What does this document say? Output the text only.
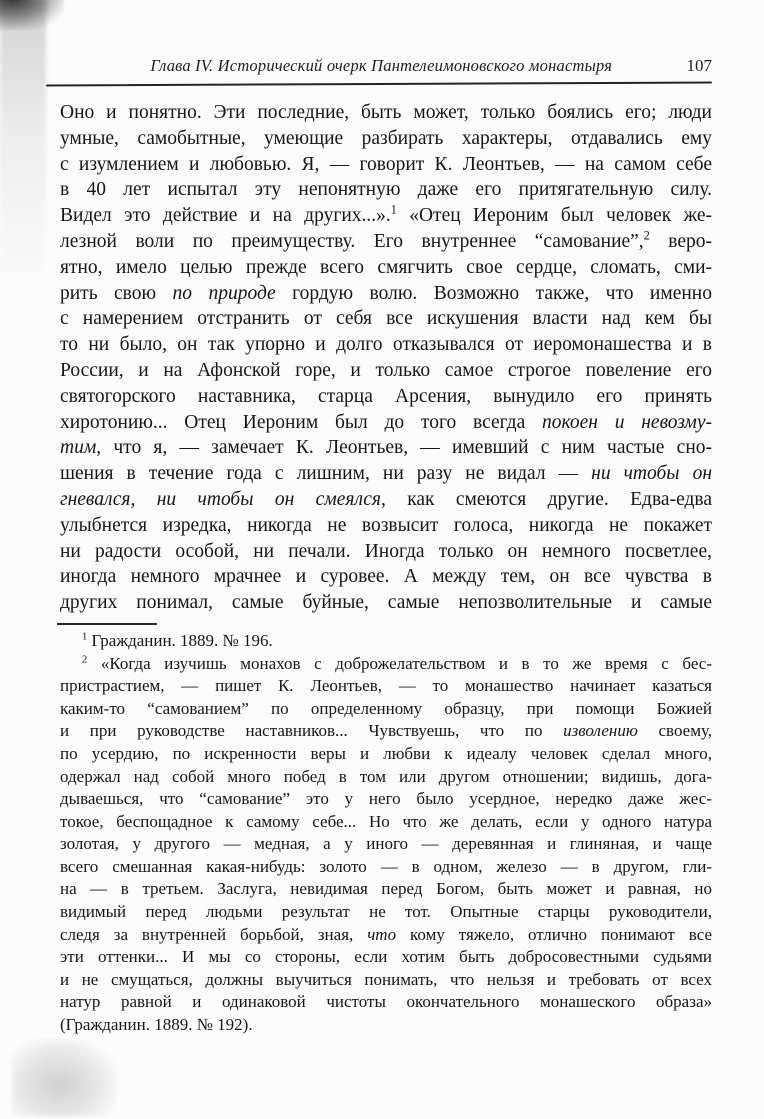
Глава IV. Исторический очерк Пантелеимоновского монастыря	107
Оно и понятно. Эти последние, быть может, только боялись его; люди
умные, самобытные, умеющие разбирать характеры, отдавались ему
с изумлением и любовью. Я, — говорит К. Леонтьев, — на самом себе
в 40 лет испытал эту непонятную даже его притягательную силу.
Видел это действие и на других...».$^1$ «Отец Иероним был человек же-
лезной воли по преимуществу. Его внутреннее “самование”,$^2$ веро-
ятно, имело целью прежде всего смягчить свое сердце, сломать, сми-
рить свою по природе гордую волю. Возможно также, что именно
с намерением отстранить от себя все искушения власти над кем бы
то ни было, он так упорно и долго отказывался от иеромонашества и в
России, и на Афонской горе, и только самое строгое повеление его
святогорского наставника, старца Арсения, вынудило его принять
хиротонию... Отец Иероним был до того всегда покоен и невозму-
тим, что я, — замечает К. Леонтьев, — имевший с ним частые сно-
шения в течение года с лишним, ни разу не видал — ни чтобы он
гневался, ни чтобы он смеялся, как смеются другие. Едва-едва
улыбнется изредка, никогда не возвысит голоса, никогда не покажет
ни радости особой, ни печали. Иногда только он немного посветлее,
иногда немного мрачнее и суровее. А между тем, он все чувства в
других понимал, самые буйные, самые непозволительные и самые
$^1$ Гражданин. 1889. № 196.
$^2$ «Когда изучишь монахов с доброжелательством и в то же время с бес-
пристрастием, — пишет К. Леонтьев, — то монашество начинает казаться
каким-то “самованием” по определенному образцу, при помощи Божией
и при руководстве наставников... Чувствуешь, что по изволению своему,
по усердию, по искренности веры и любви к идеалу человек сделал много,
одержал над собой много побед в том или другом отношении; видишь, дога-
дываешься, что “самование” это у него было усердное, нередко даже жес-
токое, беспощадное к самому себе... Но что же делать, если у одного натура
золотая, у другого — медная, а у иного — деревянная и глиняная, и чаще
всего смешанная какая-нибудь: золото — в одном, железо — в другом, гли-
на — в третьем. Заслуга, невидимая перед Богом, быть может и равная, но
видимый перед людьми результат не тот. Опытные старцы руководители,
следя за внутренней борьбой, зная, что кому тяжело, отлично понимают все
эти оттенки... И мы со стороны, если хотим быть добросовестными судьями
и не смущаться, должны выучиться понимать, что нельзя и требовать от всех
натур равной и одинаковой чистоты окончательного монашеского образа»
(Гражданин. 1889. № 192).
